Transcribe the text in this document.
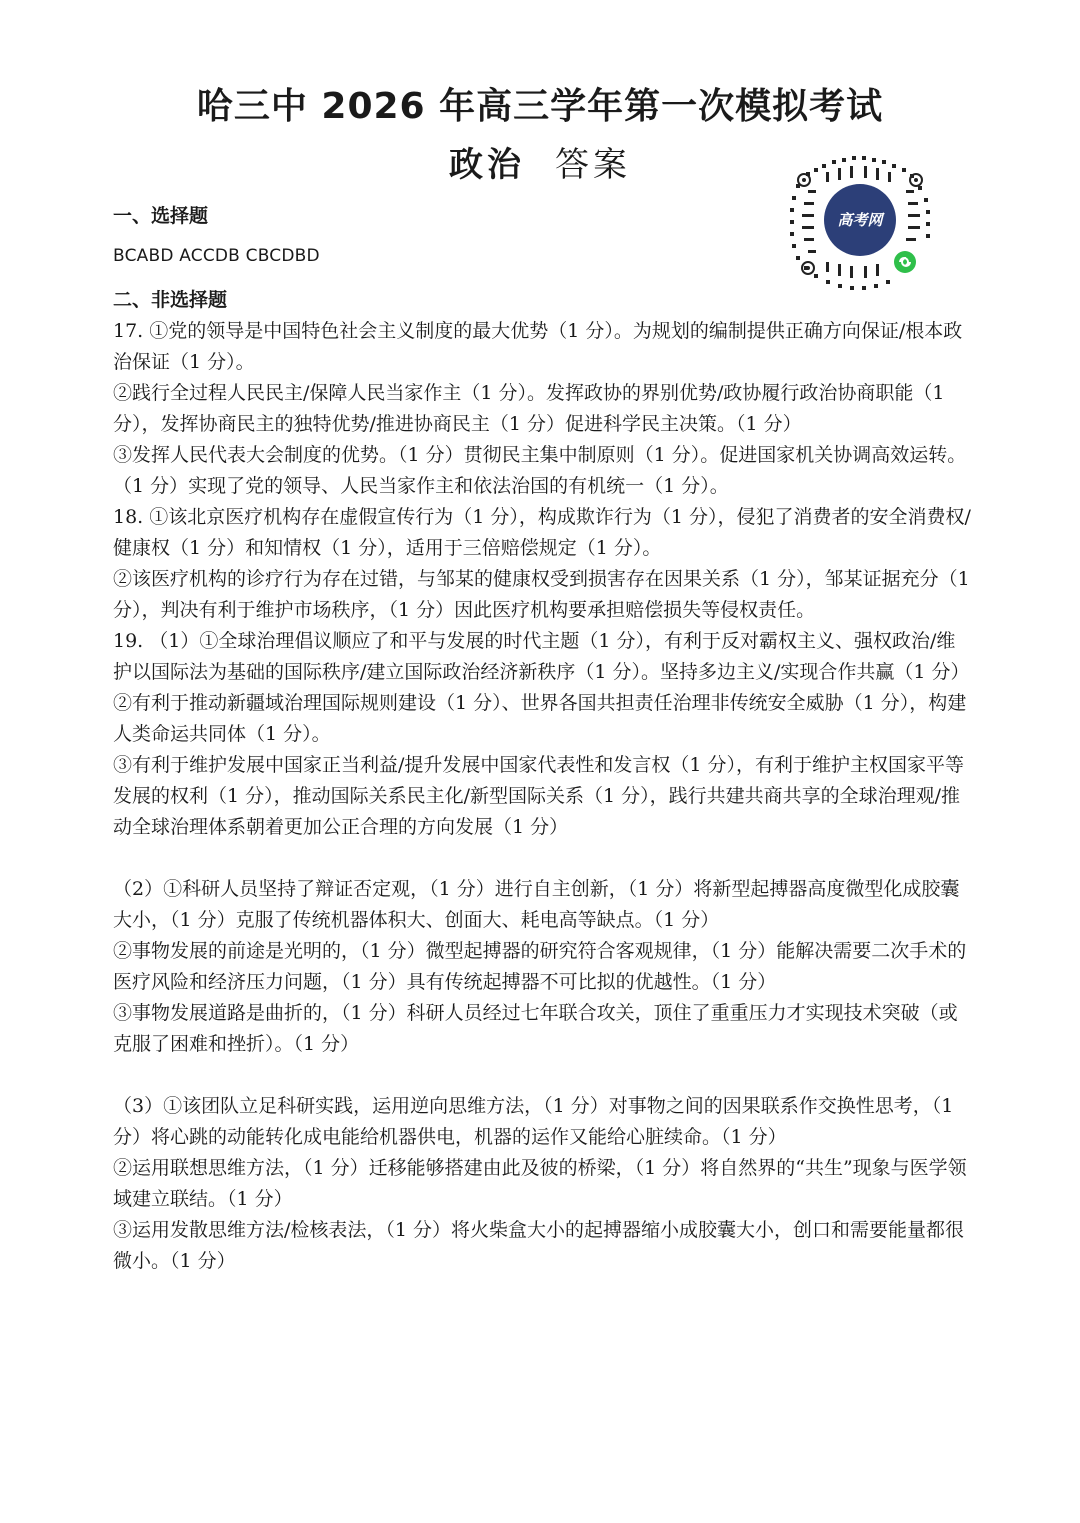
哈三中 2026 年高三学年第一次模拟考试
政治 答案
高考网
一、选择题
BCABD ACCDB CBCDBD
二、非选择题

17. ①党的领导是中国特色社会主义制度的最大优势（1 分）。为规划的编制提供正确方向保证/根本政治保证（1 分）。

②践行全过程人民民主/保障人民当家作主（1 分）。发挥政协的界别优势/政协履行政治协商职能（1 分），发挥协商民主的独特优势/推进协商民主（1 分）促进科学民主决策。（1 分）

③发挥人民代表大会制度的优势。（1 分）贯彻民主集中制原则（1 分）。促进国家机关协调高效运转。（1 分）实现了党的领导、人民当家作主和依法治国的有机统一（1 分）。

18. ①该北京医疗机构存在虚假宣传行为（1 分），构成欺诈行为（1 分），侵犯了消费者的安全消费权/健康权（1 分）和知情权（1 分），适用于三倍赔偿规定（1 分）。

②该医疗机构的诊疗行为存在过错，与邹某的健康权受到损害存在因果关系（1 分），邹某证据充分（1 分），判决有利于维护市场秩序，（1 分）因此医疗机构要承担赔偿损失等侵权责任。

19. （1）①全球治理倡议顺应了和平与发展的时代主题（1 分），有利于反对霸权主义、强权政治/维护以国际法为基础的国际秩序/建立国际政治经济新秩序（1 分）。坚持多边主义/实现合作共赢（1 分）

②有利于推动新疆域治理国际规则建设（1 分）、世界各国共担责任治理非传统安全威胁（1 分），构建人类命运共同体（1 分）。

③有利于维护发展中国家正当利益/提升发展中国家代表性和发言权（1 分），有利于维护主权国家平等发展的权利（1 分），推动国际关系民主化/新型国际关系（1 分），践行共建共商共享的全球治理观/推动全球治理体系朝着更加公正合理的方向发展（1 分）

（2）①科研人员坚持了辩证否定观，（1 分）进行自主创新，（1 分）将新型起搏器高度微型化成胶囊大小，（1 分）克服了传统机器体积大、创面大、耗电高等缺点。（1 分）

②事物发展的前途是光明的，（1 分）微型起搏器的研究符合客观规律，（1 分）能解决需要二次手术的医疗风险和经济压力问题，（1 分）具有传统起搏器不可比拟的优越性。（1 分）

③事物发展道路是曲折的，（1 分）科研人员经过七年联合攻关，顶住了重重压力才实现技术突破（或克服了困难和挫折）。（1 分）

（3）①该团队立足科研实践，运用逆向思维方法，（1 分）对事物之间的因果联系作交换性思考，（1 分）将心跳的动能转化成电能给机器供电，机器的运作又能给心脏续命。（1 分）

②运用联想思维方法，（1 分）迁移能够搭建由此及彼的桥梁，（1 分）将自然界的“共生”现象与医学领域建立联结。（1 分）

③运用发散思维方法/检核表法，（1 分）将火柴盒大小的起搏器缩小成胶囊大小，创口和需要能量都很微小。（1 分）
